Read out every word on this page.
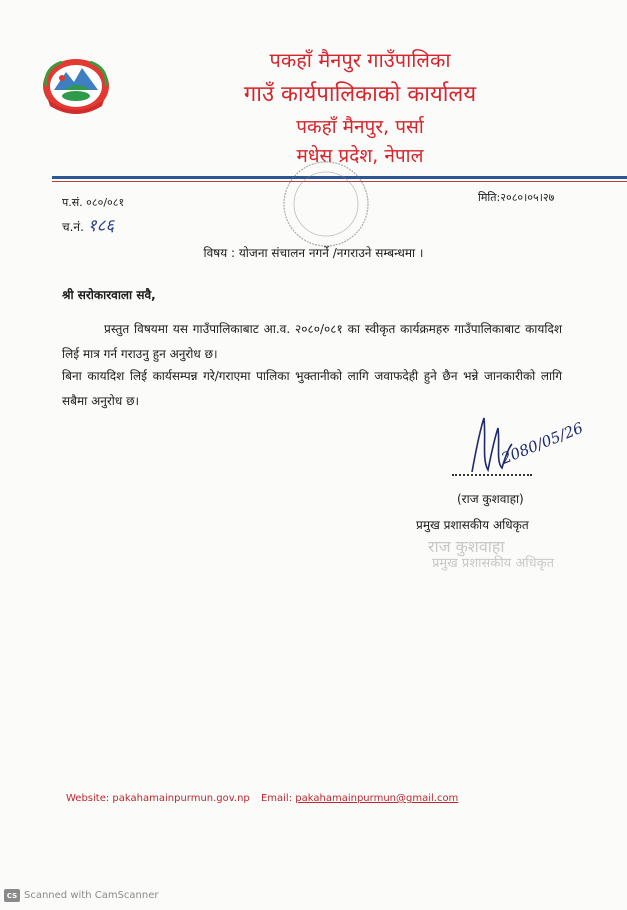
पकहाँ मैनपुर गाउँपालिका
गाउँ कार्यपालिकाको कार्यालय
पकहाँ मैनपुर, पर्सा
मधेस प्रदेश, नेपाल
प.सं. ०८०/०८१
च.नं. १८६
मिति:२०८०।०५।२७
विषय : योजना संचालन नगर्ने /नगराउने सम्बन्धमा ।
श्री सरोकारवाला सवै,
प्रस्तुत विषयमा यस गाउँपालिकाबाट आ.व. २०८०/०८१ का स्वीकृत कार्यक्रमहरु गाउँपालिकाबाट कायदिश लिई मात्र गर्न गराउनु हुन अनुरोध छ।
बिना कायदिश लिई कार्यसम्पन्न गरे/गराएमा पालिका भुक्तानीको लागि जवाफदेही हुने छैन भन्ने जानकारीको लागि सबैमा अनुरोध छ।
2080/05/26
(राज कुशवाहा)
प्रमुख प्रशासकीय अधिकृत
राज कुशवाहा
प्रमुख प्रशासकीय अधिकृत
Website: pakahamainpurmun.gov.np Email: pakahamainpurmun@gmail.com
CS Scanned with CamScanner
